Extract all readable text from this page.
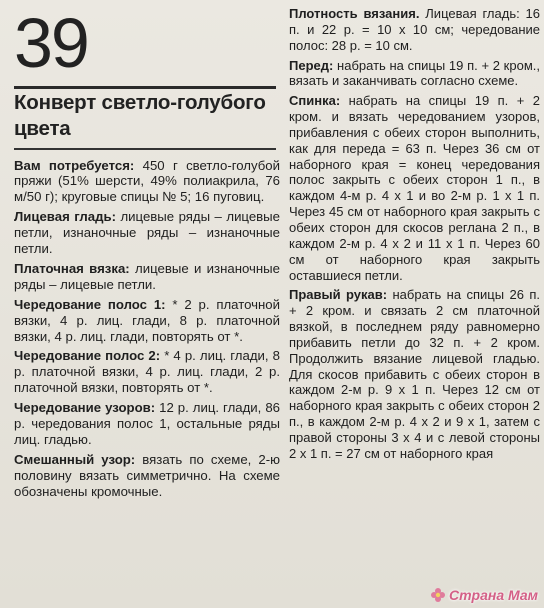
39
Конверт светло-голубого цвета

Вам потребуется: 450 г светло-голубой пряжи (51% шерсти, 49% полиакрила, 76 м/50 г); круговые спицы № 5; 16 пуговиц.

Лицевая гладь: лицевые ряды – лицевые петли, изнаночные ряды – изнаночные петли.

Платочная вязка: лицевые и изнаночные ряды – лицевые петли.

Чередование полос 1: * 2 р. платочной вязки, 4 р. лиц. глади, 8 р. платочной вязки, 4 р. лиц. глади, повторять от *.

Чередование полос 2: * 4 р. лиц. глади, 8 р. платочной вязки, 4 р. лиц. глади, 2 р. платочной вязки, повторять от *.

Чередование узоров: 12 р. лиц. глади, 86 р. чередования полос 1, остальные ряды лиц. гладью.

Смешанный узор: вязать по схеме, 2-ю половину вязать симметрично. На схеме обозначены кромочные.

Плотность вязания. Лицевая гладь: 16 п. и 22 р. = 10 х 10 см; чередование полос: 28 р. = 10 см.

Перед: набрать на спицы 19 п. + 2 кром., вязать и заканчивать согласно схеме.

Спинка: набрать на спицы 19 п. + 2 кром. и вязать чередованием узоров, прибавления с обеих сторон выполнить, как для переда = 63 п. Через 36 см от наборного края = конец чередования полос закрыть с обеих сторон 1 п., в каждом 4-м р. 4 х 1 и во 2-м р. 1 х 1 п. Через 45 см от наборного края закрыть с обеих сторон для скосов реглана 2 п., в каждом 2-м р. 4 х 2 и 11 х 1 п. Через 60 см от наборного края закрыть оставшиеся петли.

Правый рукав: набрать на спицы 26 п. + 2 кром. и связать 2 см платочной вязкой, в последнем ряду равномерно прибавить петли до 32 п. + 2 кром. Продолжить вязание лицевой гладью. Для скосов прибавить с обеих сторон в каждом 2-м р. 9 х 1 п. Через 12 см от наборного края закрыть с обеих сторон 2 п., в каждом 2-м р. 4 х 2 и 9 х 1, затем с правой стороны 3 х 4 и с левой стороны 2 х 1 п. = 27 см от наборного края

Страна Мам
